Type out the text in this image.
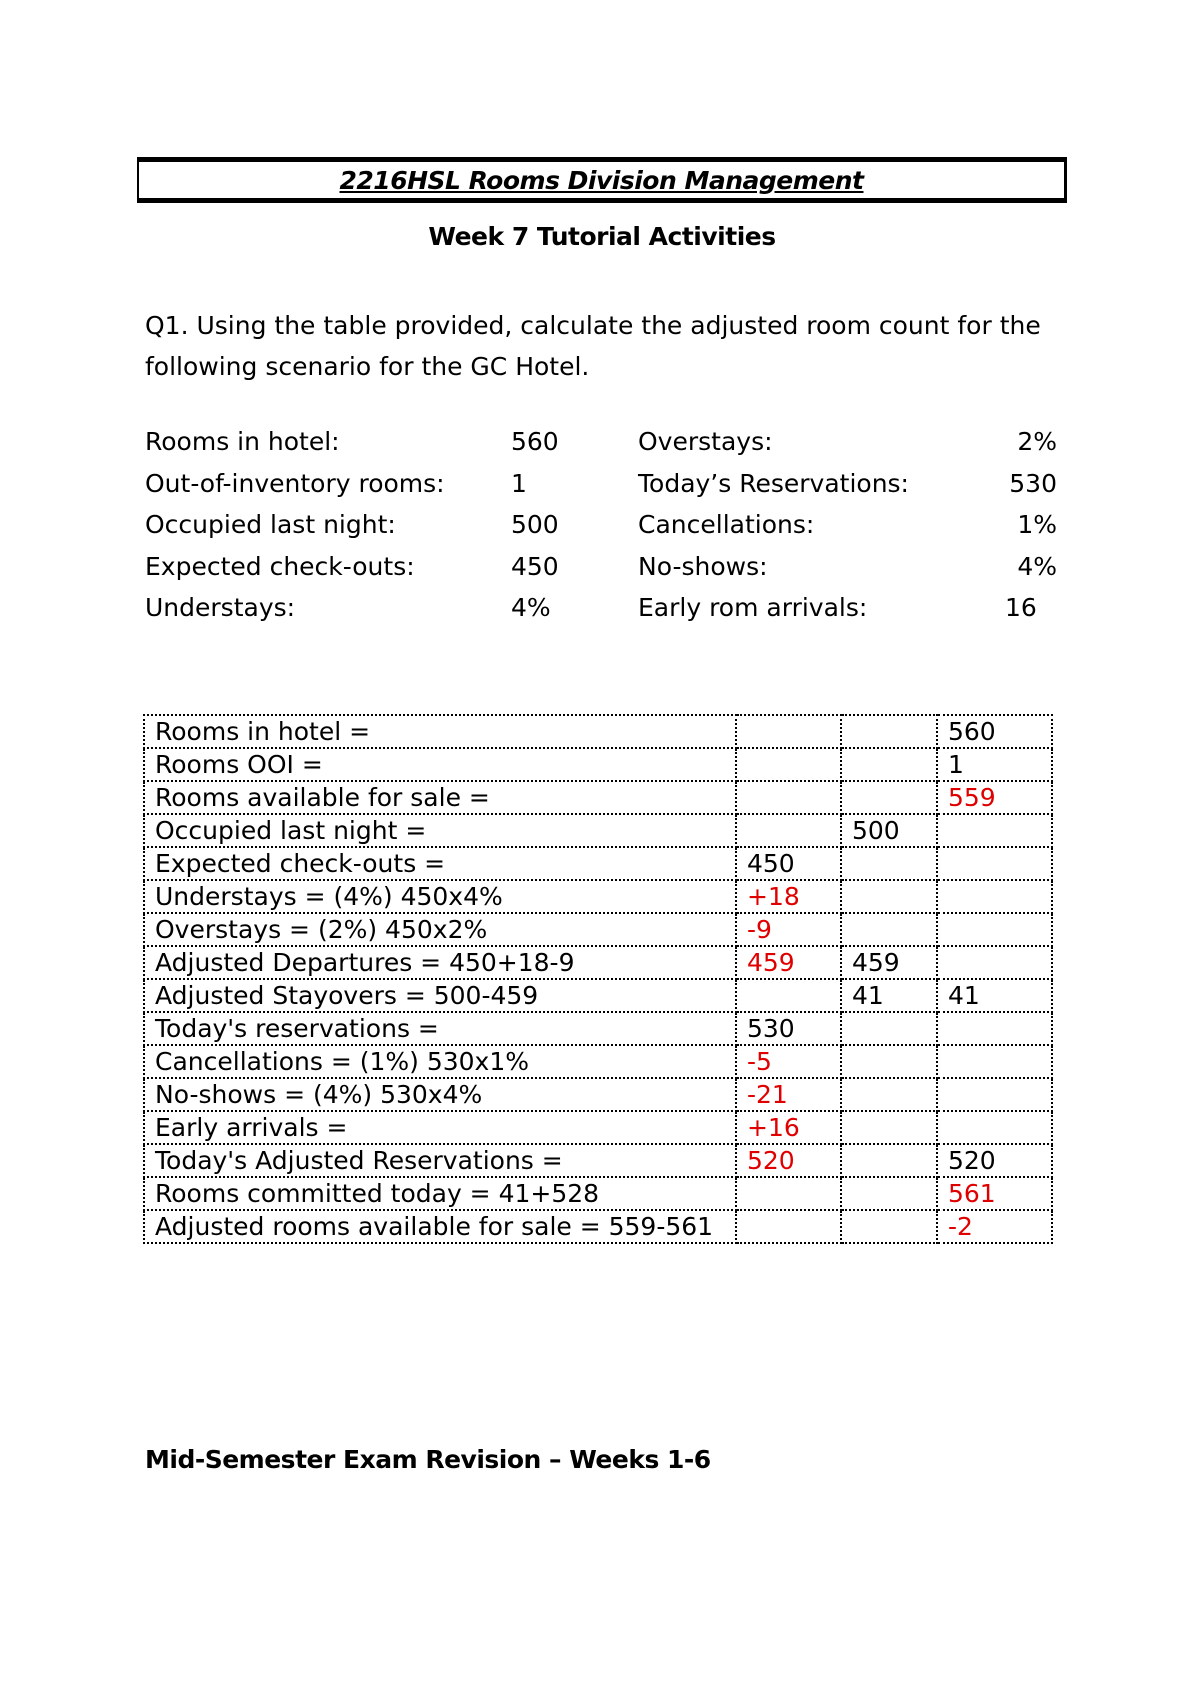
2216HSL Rooms Division Management
Week 7 Tutorial Activities
Q1. Using the table provided, calculate the adjusted room count for the following scenario for the GC Hotel.
Rooms in hotel:	560	Overstays:	2%
Out-of-inventory rooms:	1	Today’s Reservations:	530
Occupied last night:	500	Cancellations:	1%
Expected check-outs:	450	No-shows:	4%
Understays:	4%	Early rom arrivals:	16
Rooms in hotel =			560
Rooms OOI =			1
Rooms available for sale =			559
Occupied last night =		500	
Expected check-outs =	450		
Understays = (4%) 450x4%	+18		
Overstays = (2%) 450x2%	-9		
Adjusted Departures = 450+18-9	459	459	
Adjusted Stayovers = 500-459		41	41
Today's reservations =	530		
Cancellations = (1%) 530x1%	-5		
No-shows = (4%) 530x4%	-21		
Early arrivals =	+16		
Today's Adjusted Reservations =	520		520
Rooms committed today = 41+528			561
Adjusted rooms available for sale = 559-561			-2
Mid-Semester Exam Revision – Weeks 1-6
